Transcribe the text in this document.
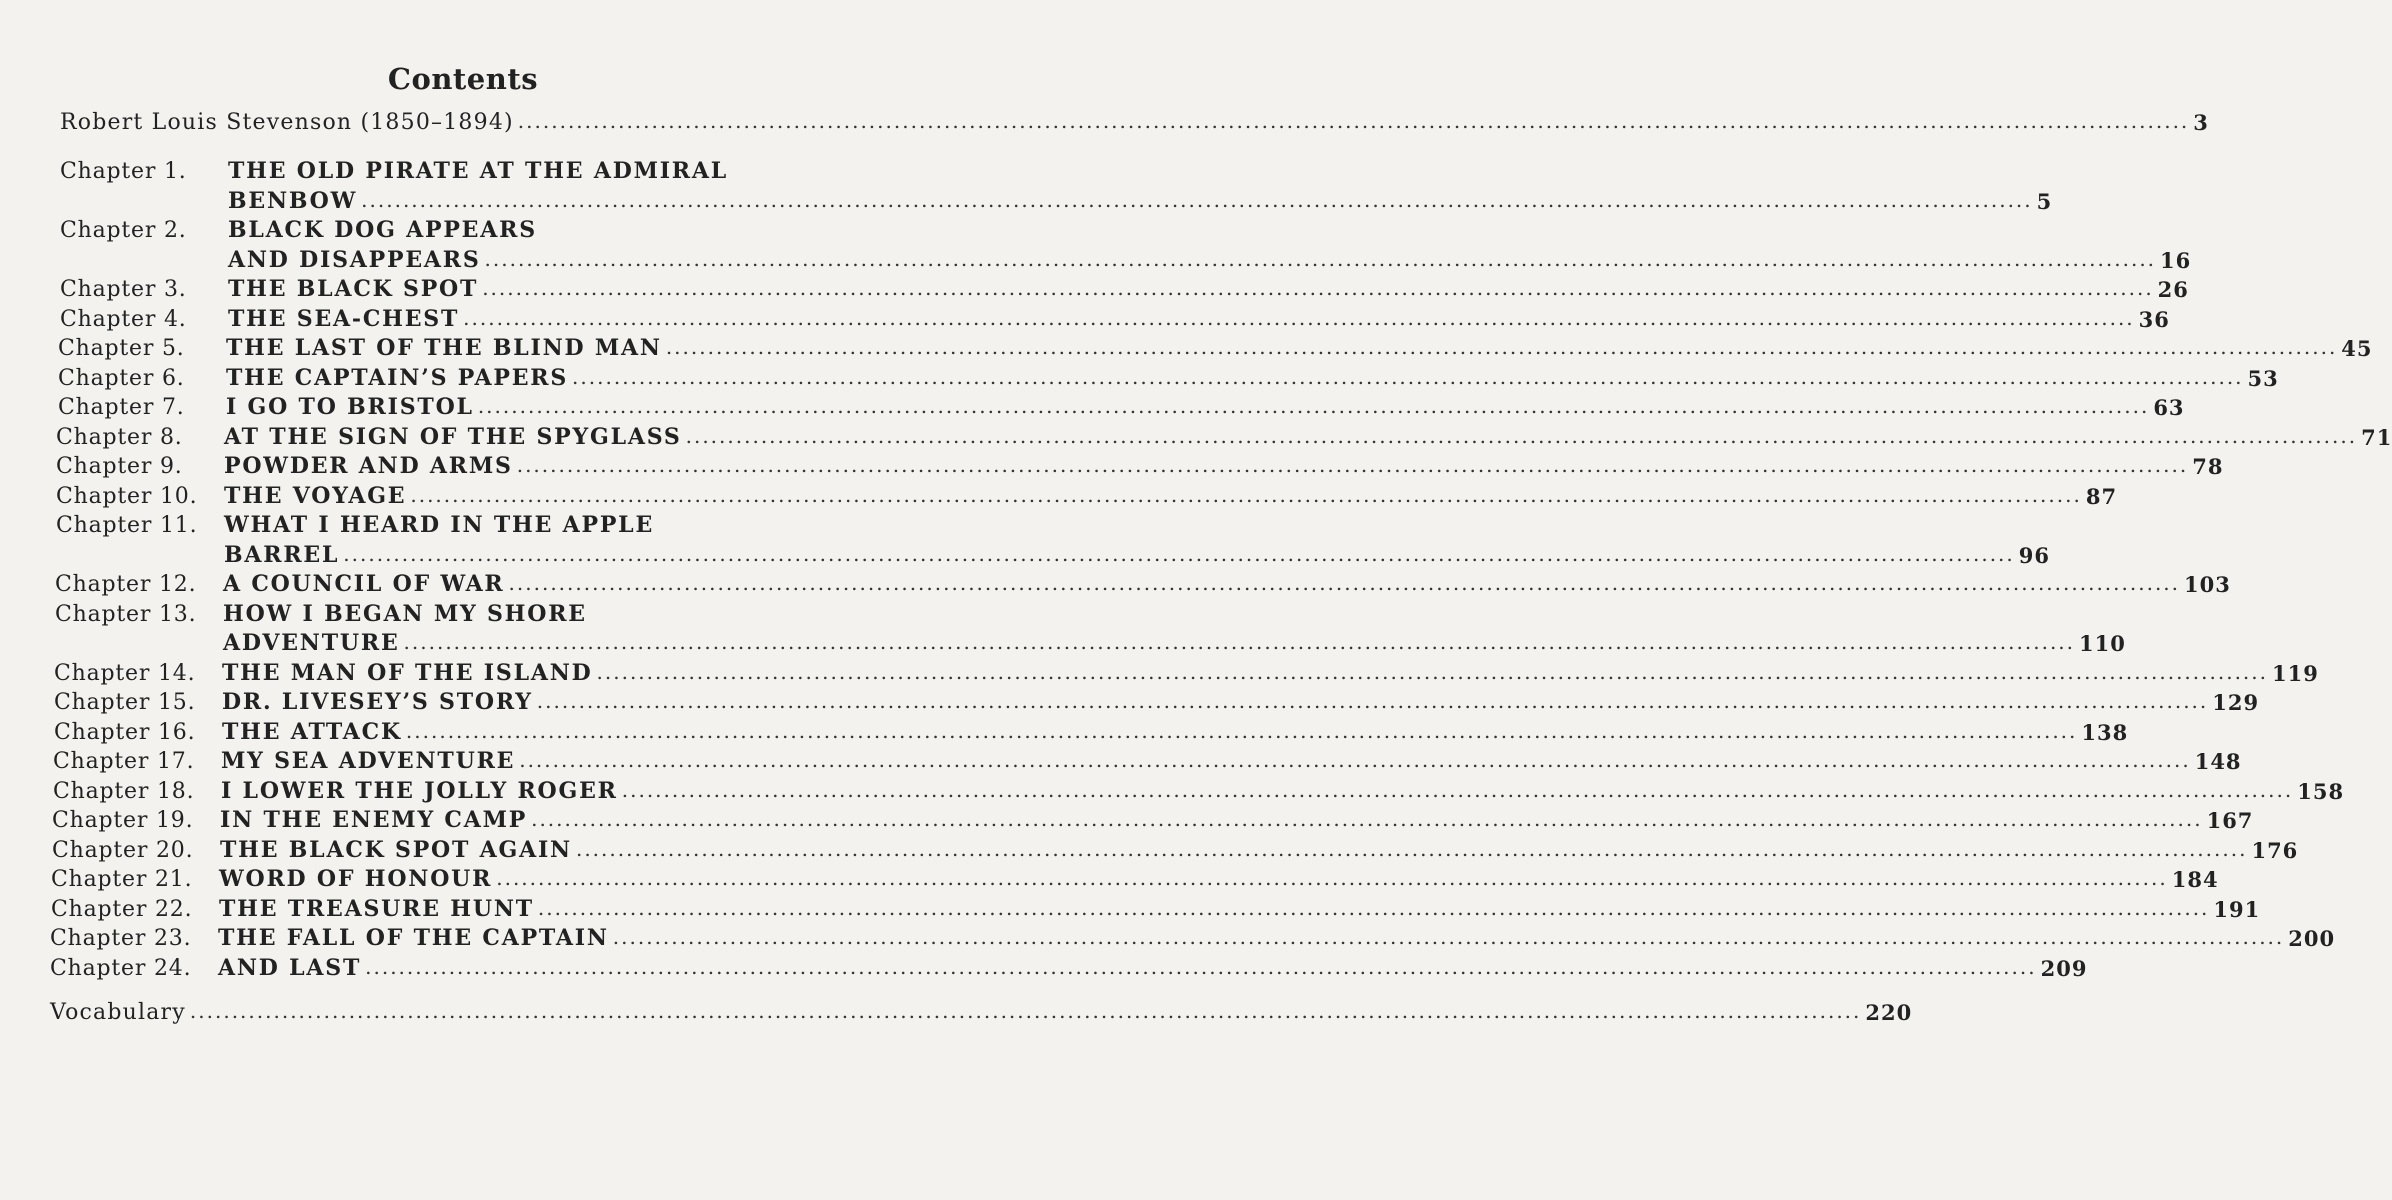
Contents
Robert Louis Stevenson (1850–1894) ........................................................................................................................................................................................................ 3
Chapter 1.	THE OLD PIRATE AT THE ADMIRAL
BENBOW ........................................................................................................................................................................................................ 5
Chapter 2.	BLACK DOG APPEARS
AND DISAPPEARS ........................................................................................................................................................................................................ 16
Chapter 3.	THE BLACK SPOT ........................................................................................................................................................................................................ 26
Chapter 4.	THE SEA-CHEST ........................................................................................................................................................................................................ 36
Chapter 5.	THE LAST OF THE BLIND MAN ........................................................................................................................................................................................................ 45
Chapter 6.	THE CAPTAIN’S PAPERS ........................................................................................................................................................................................................ 53
Chapter 7.	I GO TO BRISTOL ........................................................................................................................................................................................................ 63
Chapter 8.	AT THE SIGN OF THE SPYGLASS ........................................................................................................................................................................................................ 71
Chapter 9.	POWDER AND ARMS ........................................................................................................................................................................................................ 78
Chapter 10.	THE VOYAGE ........................................................................................................................................................................................................ 87
Chapter 11.	WHAT I HEARD IN THE APPLE
BARREL ........................................................................................................................................................................................................ 96
Chapter 12.	A COUNCIL OF WAR ........................................................................................................................................................................................................ 103
Chapter 13.	HOW I BEGAN MY SHORE
ADVENTURE ........................................................................................................................................................................................................ 110
Chapter 14.	THE MAN OF THE ISLAND ........................................................................................................................................................................................................ 119
Chapter 15.	DR. LIVESEY’S STORY ........................................................................................................................................................................................................ 129
Chapter 16.	THE ATTACK ........................................................................................................................................................................................................ 138
Chapter 17.	MY SEA ADVENTURE ........................................................................................................................................................................................................ 148
Chapter 18.	I LOWER THE JOLLY ROGER ........................................................................................................................................................................................................ 158
Chapter 19.	IN THE ENEMY CAMP ........................................................................................................................................................................................................ 167
Chapter 20.	THE BLACK SPOT AGAIN ........................................................................................................................................................................................................ 176
Chapter 21.	WORD OF HONOUR ........................................................................................................................................................................................................ 184
Chapter 22.	THE TREASURE HUNT ........................................................................................................................................................................................................ 191
Chapter 23.	THE FALL OF THE CAPTAIN ........................................................................................................................................................................................................ 200
Chapter 24.	AND LAST ........................................................................................................................................................................................................ 209
Vocabulary ........................................................................................................................................................................................................ 220
